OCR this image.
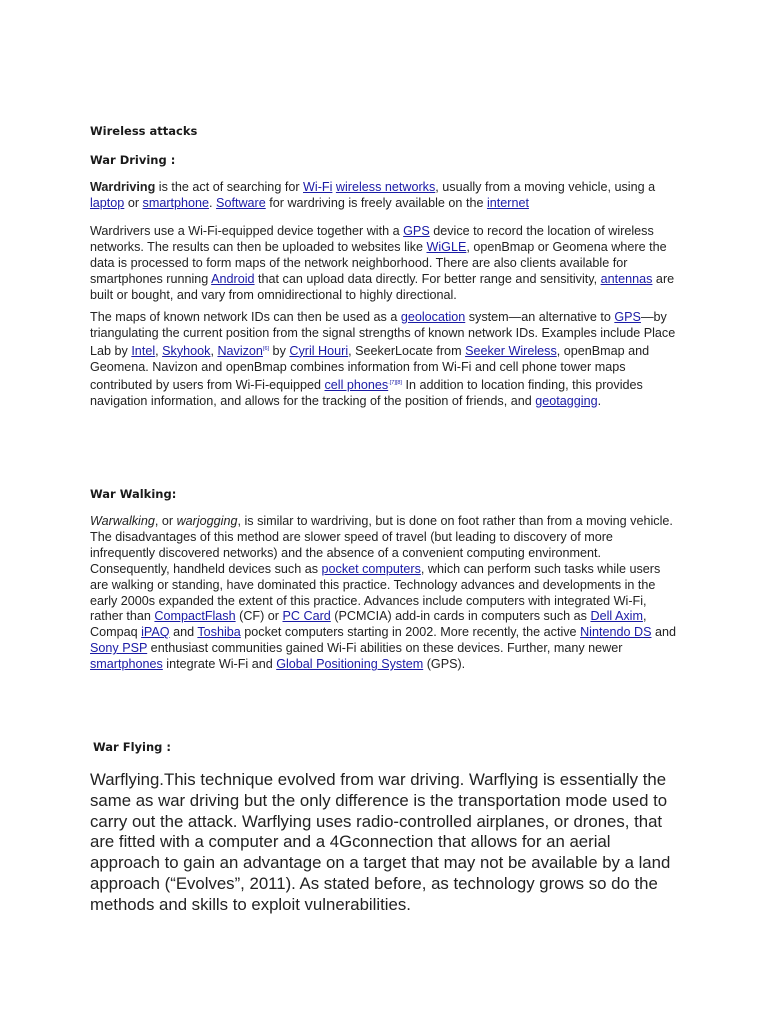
Wireless attacks
War Driving :

Wardriving is the act of searching for Wi-Fi wireless networks, usually from a moving vehicle, using a laptop or smartphone. Software for wardriving is freely available on the internet

Wardrivers use a Wi-Fi-equipped device together with a GPS device to record the location of wireless networks. The results can then be uploaded to websites like WiGLE, openBmap or Geomena where the data is processed to form maps of the network neighborhood. There are also clients available for smartphones running Android that can upload data directly. For better range and sensitivity, antennas are built or bought, and vary from omnidirectional to highly directional.

The maps of known network IDs can then be used as a geolocation system—an alternative to GPS—by triangulating the current position from the signal strengths of known network IDs. Examples include Place Lab by Intel, Skyhook, Navizon[6] by Cyril Houri, SeekerLocate from Seeker Wireless, openBmap and Geomena. Navizon and openBmap combines information from Wi-Fi and cell phone tower maps contributed by users from Wi-Fi-equipped cell phones$^{.[7][8]}$ In addition to location finding, this provides navigation information, and allows for the tracking of the position of friends, and geotagging.

War Walking:

Warwalking, or warjogging, is similar to wardriving, but is done on foot rather than from a moving vehicle. The disadvantages of this method are slower speed of travel (but leading to discovery of more infrequently discovered networks) and the absence of a convenient computing environment. Consequently, handheld devices such as pocket computers, which can perform such tasks while users are walking or standing, have dominated this practice. Technology advances and developments in the early 2000s expanded the extent of this practice. Advances include computers with integrated Wi-Fi, rather than CompactFlash (CF) or PC Card (PCMCIA) add-in cards in computers such as Dell Axim, Compaq iPAQ and Toshiba pocket computers starting in 2002. More recently, the active Nintendo DS and Sony PSP enthusiast communities gained Wi-Fi abilities on these devices. Further, many newer smartphones integrate Wi-Fi and Global Positioning System (GPS).

War Flying :

Warflying.This technique evolved from war driving. Warflying is essentially the same as war driving but the only difference is the transportation mode used to carry out the attack. Warflying uses radio-controlled airplanes, or drones, that are fitted with a computer and a 4Gconnection that allows for an aerial approach to gain an advantage on a target that may not be available by a land approach (“Evolves”, 2011). As stated before, as technology grows so do the methods and skills to exploit vulnerabilities.
